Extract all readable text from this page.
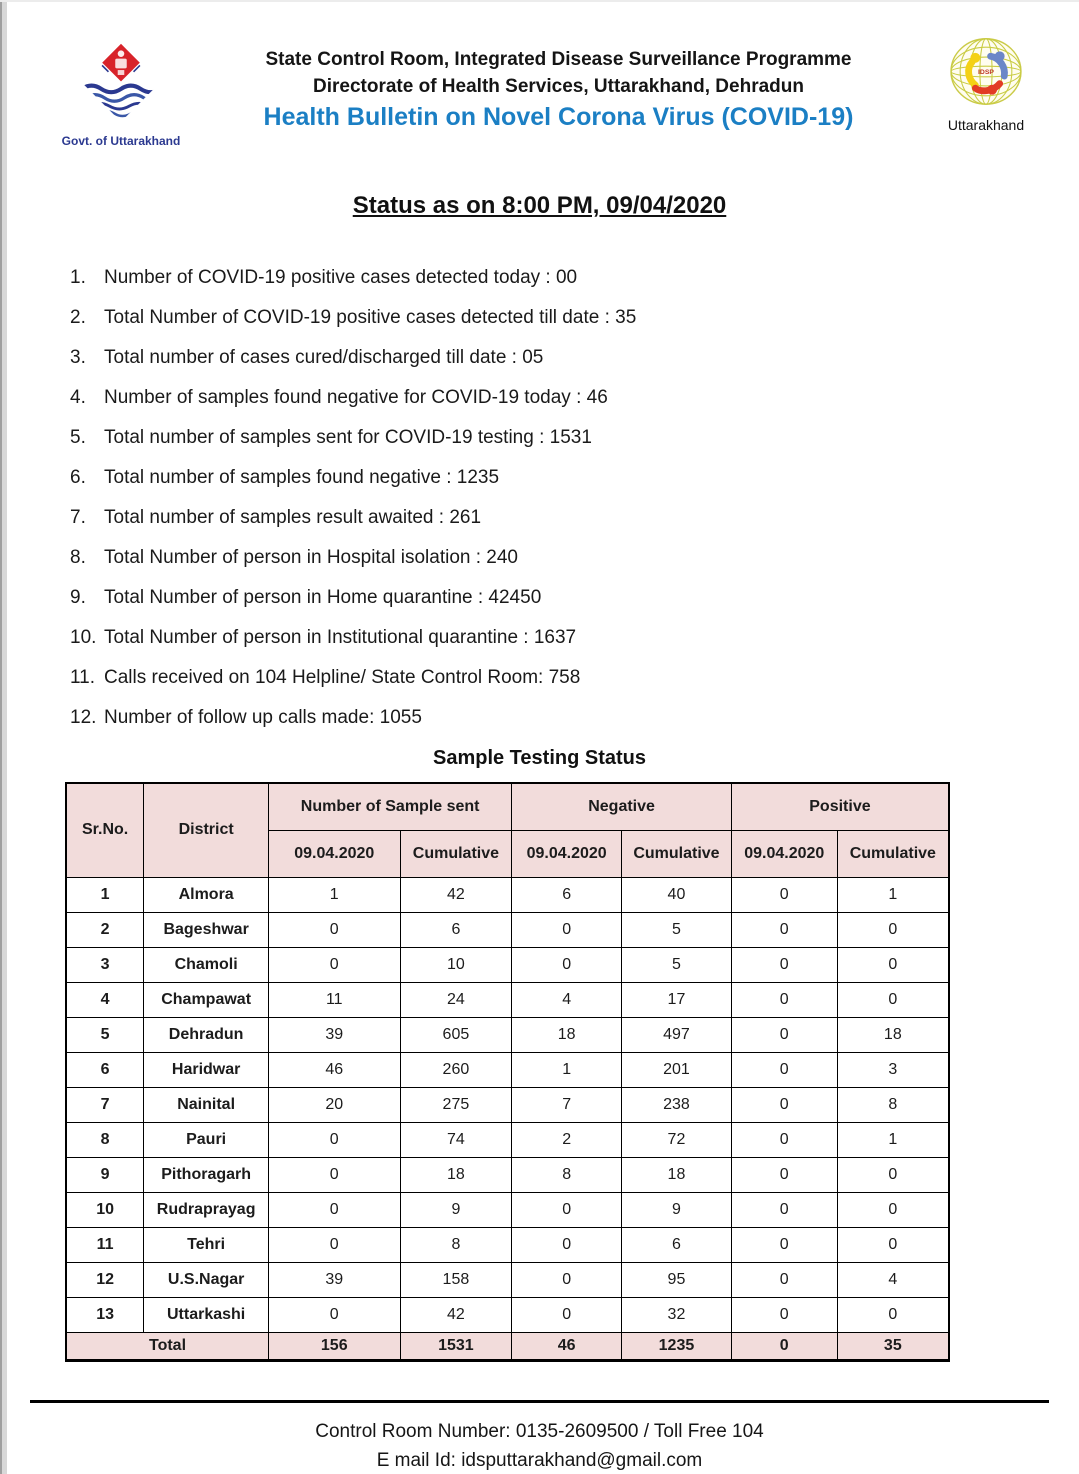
Govt. of Uttarakhand
State Control Room, Integrated Disease Surveillance Programme
Directorate of Health Services, Uttarakhand, Dehradun
Health Bulletin on Novel Corona Virus (COVID-19)
IDSP
Uttarakhand
Status as on 8:00 PM, 09/04/2020
1. Number of COVID-19 positive cases detected today : 00
2. Total Number of COVID-19 positive cases detected till date : 35
3. Total number of cases cured/discharged till date : 05
4. Number of samples found negative for COVID-19 today : 46
5. Total number of samples sent for COVID-19 testing : 1531
6. Total number of samples found negative : 1235
7. Total number of samples result awaited : 261
8. Total Number of person in Hospital isolation : 240
9. Total Number of person in Home quarantine : 42450
10. Total Number of person in Institutional quarantine : 1637
11. Calls received on 104 Helpline/ State Control Room: 758
12. Number of follow up calls made: 1055
Sample Testing Status
Sr.No.	District	Number of Sample sent		Negative		Positive	
		09.04.2020	Cumulative	09.04.2020	Cumulative	09.04.2020	Cumulative
1	Almora	1	42	6	40	0	1
2	Bageshwar	0	6	0	5	0	0
3	Chamoli	0	10	0	5	0	0
4	Champawat	11	24	4	17	0	0
5	Dehradun	39	605	18	497	0	18
6	Haridwar	46	260	1	201	0	3
7	Nainital	20	275	7	238	0	8
8	Pauri	0	74	2	72	0	1
9	Pithoragarh	0	18	8	18	0	0
10	Rudraprayag	0	9	0	9	0	0
11	Tehri	0	8	0	6	0	0
12	U.S.Nagar	39	158	0	95	0	4
13	Uttarkashi	0	42	0	32	0	0
Total		156	1531	46	1235	0	35
Control Room Number: 0135-2609500 / Toll Free 104
E mail Id: idsputtarakhand@gmail.com
